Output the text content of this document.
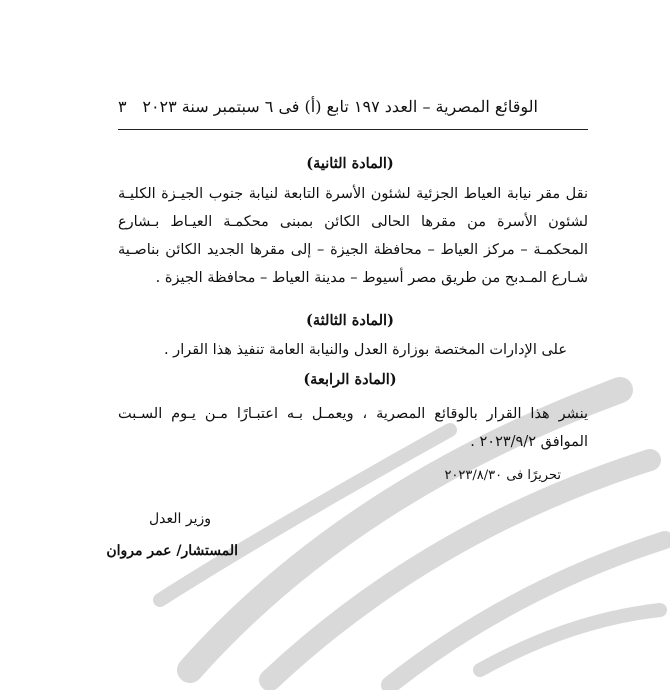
الوقائع المصرية – العدد ١٩٧ تابع (أ) فى ٦ سبتمبر سنة ٢٠٢٣
٣
(المادة الثانية)
نقل مقر نيابة العياط الجزئية لشئون الأسرة التابعة لنيابة جنوب الجيـزة الكليـة لشئون الأسرة من مقرها الحالى الكائن بمبنى محكمـة العيـاط بـشارع المحكمـة – مركز العياط – محافظة الجيزة – إلى مقرها الجديد الكائن بناصـية شـارع المـدبح من طريق مصر أسيوط – مدينة العياط – محافظة الجيزة .
(المادة الثالثة)
على الإدارات المختصة بوزارة العدل والنيابة العامة تنفيذ هذا القرار .
(المادة الرابعة)
ينشر هذا القرار بالوقائع المصرية ، ويعمـل بـه اعتبـارًا مـن يـوم السـبت الموافق ٢٠٢٣/٩/٢ .
تحريرًا فى ٢٠٢٣/٨/٣٠
وزير العدل
المستشار/ عمر مروان
